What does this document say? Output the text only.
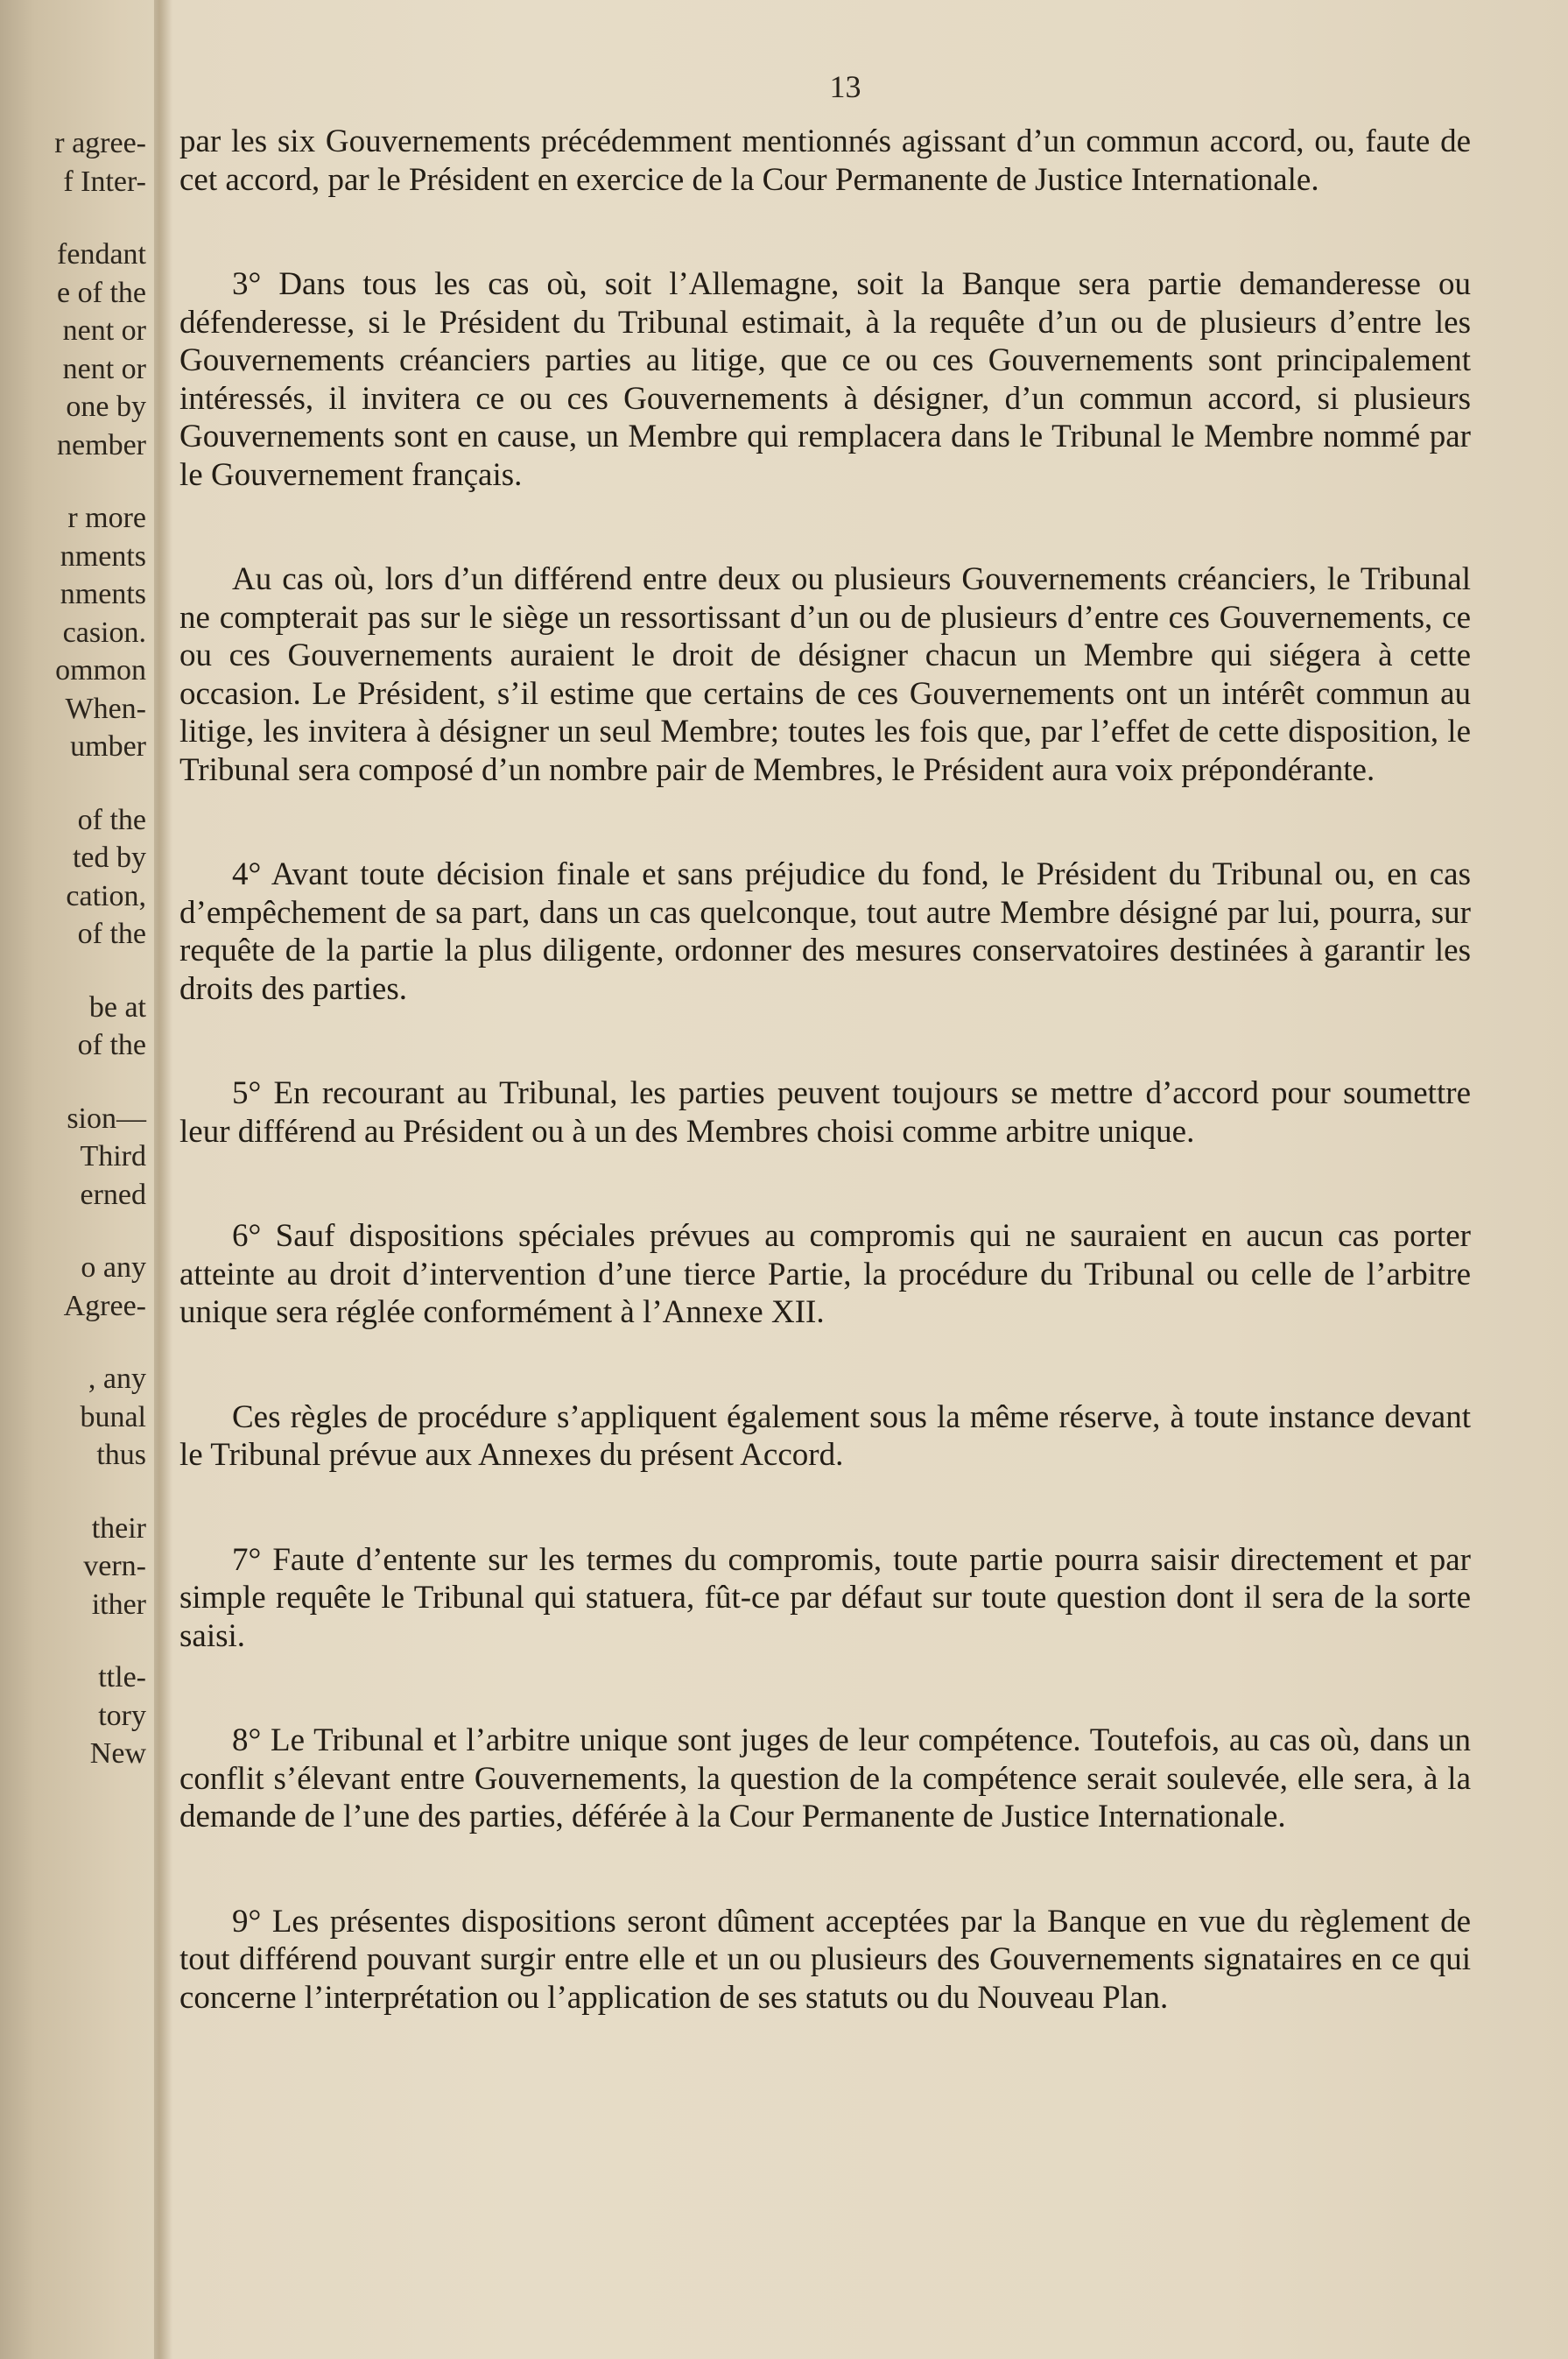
r agree-
f Inter-
fendant
e of the
nent or
nent or
one by
nember
r more
nments
nments
casion.
ommon
When-
umber
of the
ted by
cation,
of the
be at
of the
sion—
Third
erned
o any
Agree-
, any
bunal
thus
their
vern-
ither
ttle-
tory
New
13

par les six Gouvernements précédemment mentionnés agissant d’un commun accord, ou, faute de cet accord, par le Président en exercice de la Cour Permanente de Justice Internationale.

3° Dans tous les cas où, soit l’Allemagne, soit la Banque sera partie demanderesse ou défenderesse, si le Président du Tribunal estimait, à la requête d’un ou de plusieurs d’entre les Gouvernements créanciers parties au litige, que ce ou ces Gouvernements sont principalement intéressés, il invitera ce ou ces Gouvernements à désigner, d’un commun accord, si plusieurs Gouvernements sont en cause, un Membre qui remplacera dans le Tribunal le Membre nommé par le Gouvernement français.

Au cas où, lors d’un différend entre deux ou plusieurs Gouvernements créanciers, le Tribunal ne compterait pas sur le siège un ressortissant d’un ou de plusieurs d’entre ces Gouvernements, ce ou ces Gouvernements auraient le droit de désigner chacun un Membre qui siégera à cette occasion. Le Président, s’il estime que certains de ces Gouvernements ont un intérêt commun au litige, les invitera à désigner un seul Membre; toutes les fois que, par l’effet de cette disposition, le Tribunal sera composé d’un nombre pair de Membres, le Président aura voix prépondérante.

4° Avant toute décision finale et sans préjudice du fond, le Président du Tribunal ou, en cas d’empêchement de sa part, dans un cas quelconque, tout autre Membre désigné par lui, pourra, sur requête de la partie la plus diligente, ordonner des mesures conservatoires destinées à garantir les droits des parties.

5° En recourant au Tribunal, les parties peuvent toujours se mettre d’accord pour soumettre leur différend au Président ou à un des Membres choisi comme arbitre unique.

6° Sauf dispositions spéciales prévues au compromis qui ne sauraient en aucun cas porter atteinte au droit d’intervention d’une tierce Partie, la procédure du Tribunal ou celle de l’arbitre unique sera réglée conformément à l’Annexe XII.

Ces règles de procédure s’appliquent également sous la même réserve, à toute instance devant le Tribunal prévue aux Annexes du présent Accord.

7° Faute d’entente sur les termes du compromis, toute partie pourra saisir directement et par simple requête le Tribunal qui statuera, fût-ce par défaut sur toute question dont il sera de la sorte saisi.

8° Le Tribunal et l’arbitre unique sont juges de leur compétence. Toutefois, au cas où, dans un conflit s’élevant entre Gouvernements, la question de la compétence serait soulevée, elle sera, à la demande de l’une des parties, déférée à la Cour Permanente de Justice Internationale.

9° Les présentes dispositions seront dûment acceptées par la Banque en vue du règlement de tout différend pouvant surgir entre elle et un ou plusieurs des Gouvernements signataires en ce qui concerne l’interprétation ou l’application de ses statuts ou du Nouveau Plan.
